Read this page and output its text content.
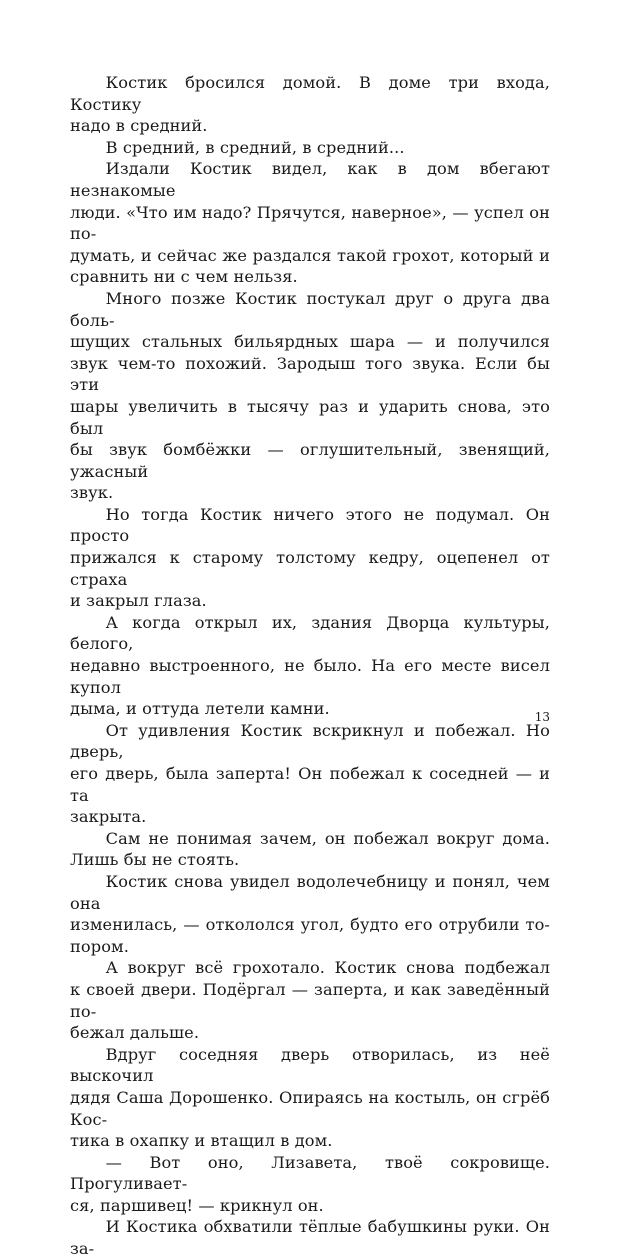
Костик бросился домой. В доме три входа, Костику
надо в средний.

В средний, в средний, в средний...

Издали Костик видел, как в дом вбегают незнакомые
люди. «Что им надо? Прячутся, наверное», — успел он по-
думать, и сейчас же раздался такой грохот, который и
сравнить ни с чем нельзя.

Много позже Костик постукал друг о друга два боль-
шущих стальных бильярдных шара — и получился
звук чем-то похожий. Зародыш того звука. Если бы эти
шары увеличить в тысячу раз и ударить снова, это был
бы звук бомбёжки — оглушительный, звенящий, ужасный
звук.

Но тогда Костик ничего этого не подумал. Он просто
прижался к старому толстому кедру, оцепенел от страха
и закрыл глаза.

А когда открыл их, здания Дворца культуры, белого,
недавно выстроенного, не было. На его месте висел купол
дыма, и оттуда летели камни.

От удивления Костик вскрикнул и побежал. Но дверь,
его дверь, была заперта! Он побежал к соседней — и та
закрыта.

Сам не понимая зачем, он побежал вокруг дома.
Лишь бы не стоять.

Костик снова увидел водолечебницу и понял, чем она
изменилась, — откололся угол, будто его отрубили то-
пором.

А вокруг всё грохотало. Костик снова подбежал
к своей двери. Подёргал — заперта, и как заведённый по-
бежал дальше.

Вдруг соседняя дверь отворилась, из неё выскочил
дядя Саша Дорошенко. Опираясь на костыль, он сгрёб Кос-
тика в охапку и втащил в дом.

— Вот оно, Лизавета, твоё сокровище. Прогуливает-
ся, паршивец! — крикнул он.

И Костика обхватили тёплые бабушкины руки. Он за-

13
